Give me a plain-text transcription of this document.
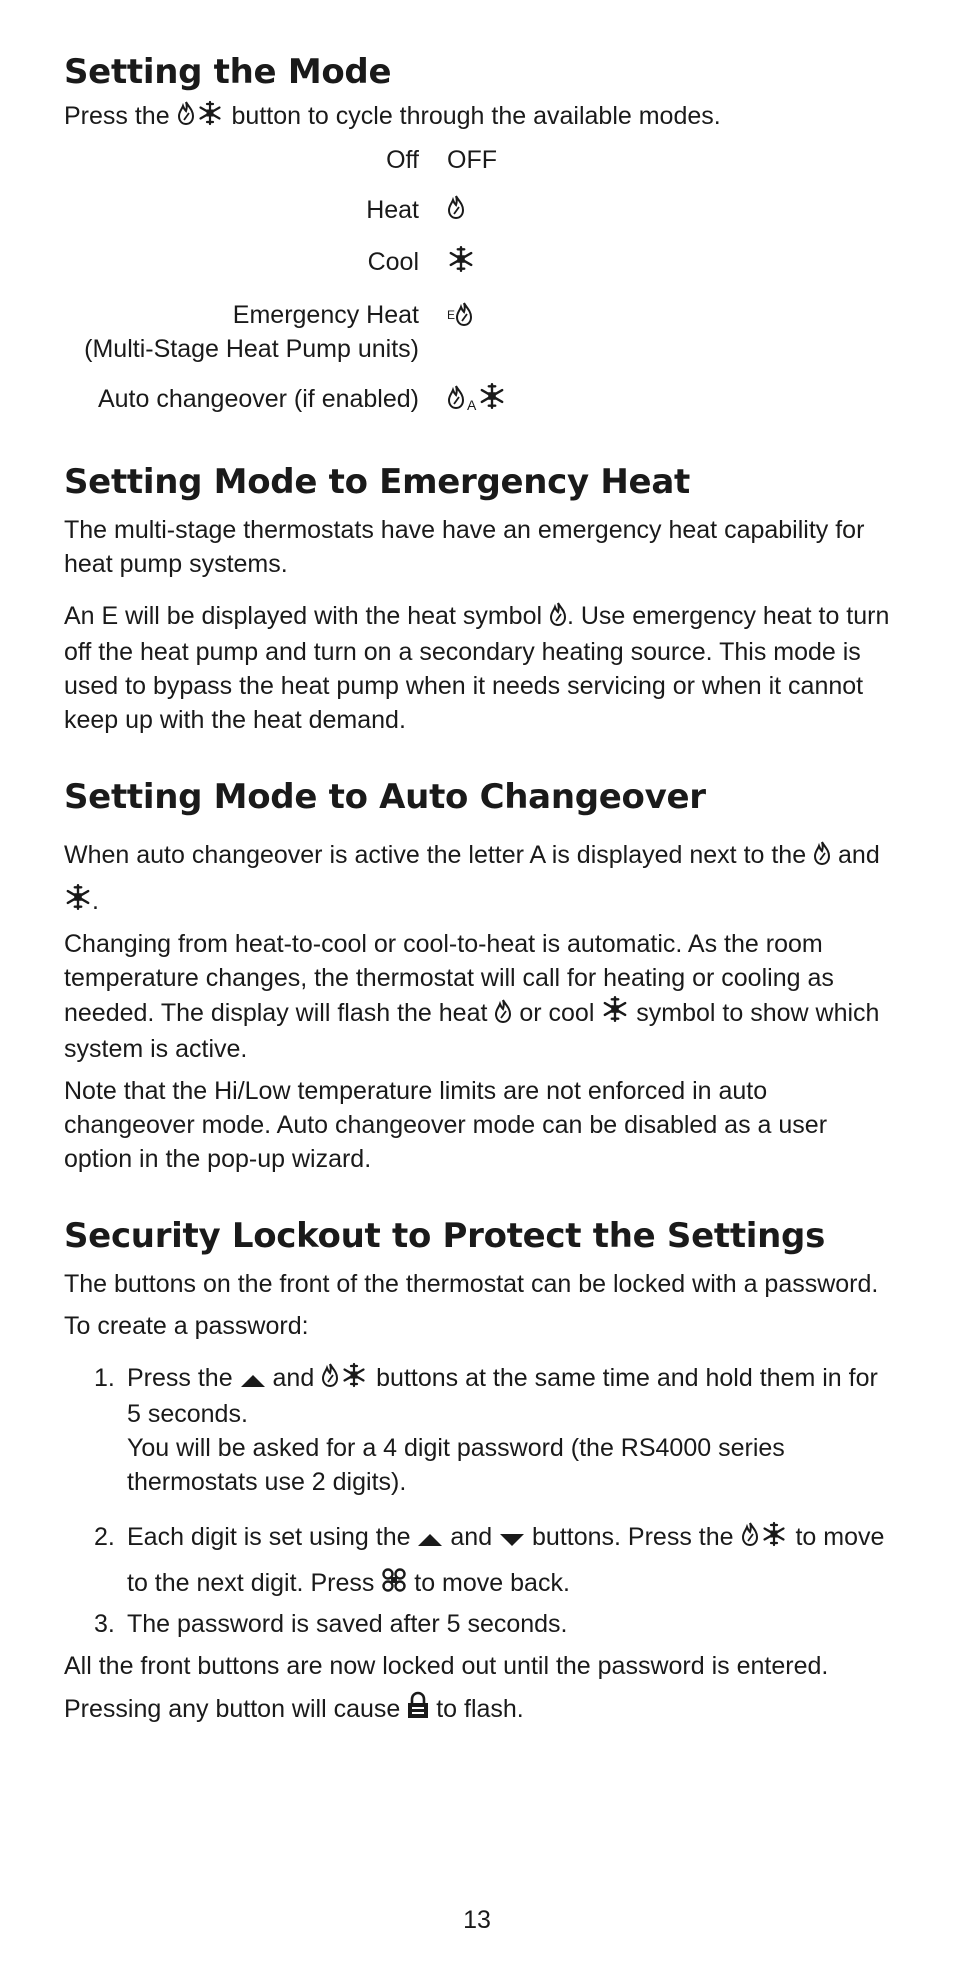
Setting the Mode

Press the button to cycle through the available modes.

Off	OFF
Heat
Cool
Emergency Heat
(Multi-Stage Heat Pump units)
$^E$
Auto changeover (if enabled)	A
Setting Mode to Emergency Heat

The multi-stage thermostats have have an emergency heat capability for heat pump systems.

An E will be displayed with the heat symbol . Use emergency heat to turn off the heat pump and turn on a secondary heating source. This mode is used to bypass the heat pump when it needs servicing or when it cannot keep up with the heat demand.

Setting Mode to Auto Changeover

When auto changeover is active the letter A is displayed next to the and .

Changing from heat-to-cool or cool-to-heat is automatic. As the room temperature changes, the thermostat will call for heating or cooling as needed. The display will flash the heat or cool symbol to show which system is active.

Note that the Hi/Low temperature limits are not enforced in auto changeover mode. Auto changeover mode can be disabled as a user option in the pop-up wizard.

Security Lockout to Protect the Settings

The buttons on the front of the thermostat can be locked with a password.

To create a password:

1. Press the and buttons at the same time and hold them in for 5 seconds.
You will be asked for a 4 digit password (the RS4000 series thermostats use 2 digits).
2. Each digit is set using the and buttons. Press the to move to the next digit. Press to move back.
3. The password is saved after 5 seconds.

All the front buttons are now locked out until the password is entered.

Pressing any button will cause to flash.

13
